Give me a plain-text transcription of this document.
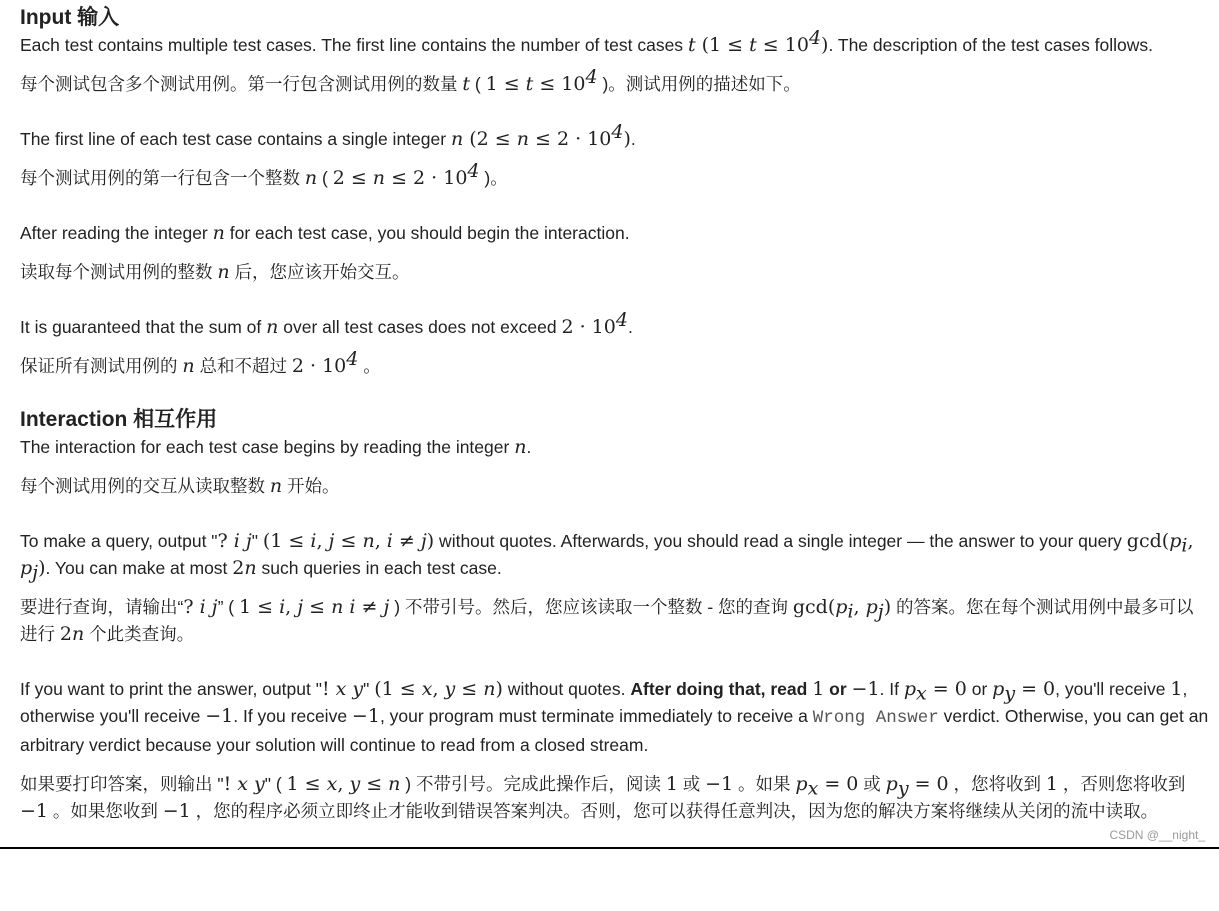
Input 输入

Each test contains multiple test cases. The first line contains the number of test cases t $(1 \le t \le 10^4)$. The description of the test cases follows.

每个测试包含多个测试用例。第一行包含测试用例的数量 t ( $1 \le t \le 10^4$ )。测试用例的描述如下。

The first line of each test case contains a single integer n $(2 \le n \le 2 \cdot 10^4)$.

每个测试用例的第一行包含一个整数 n ( $2 \le n \le 2 \cdot 10^4$ )。

After reading the integer n for each test case, you should begin the interaction.

读取每个测试用例的整数 n 后，您应该开始交互。

It is guaranteed that the sum of n over all test cases does not exceed $2 \cdot 10^4$.

保证所有测试用例的 n 总和不超过 $2 \cdot 10^4$ 。

Interaction 相互作用

The interaction for each test case begins by reading the integer n.

每个测试用例的交互从读取整数 n 开始。

To make a query, output "? i j" (1 ≤ i, j ≤ n, i ≠ j) without quotes. Afterwards, you should read a single integer — the answer to your query $\gcd(p_i$, $p_j$). You can make at most 2n such queries in each test case.

要进行查询，请输出“? i j” ( 1 ≤ i, j ≤ n i ≠ j ) 不带引号。然后，您应该读取一个整数 - 您的查询 $\gcd(p_i$, $p_j$) 的答案。您在每个测试用例中最多可以进行 2n 个此类查询。

If you want to print the answer, output "! x y" (1 ≤ x, y ≤ n) without quotes. After doing that, read 1 or −1. If $p_x = 0$ or $p_y = 0$, you'll receive 1, otherwise you'll receive −1. If you receive −1, your program must terminate immediately to receive a Wrong Answer verdict. Otherwise, you can get an arbitrary verdict because your solution will continue to read from a closed stream.

如果要打印答案，则输出 "! x y" ( 1 ≤ x, y ≤ n ) 不带引号。完成此操作后，阅读 1 或 −1 。如果 $p_x = 0$ 或 $p_y = 0$ ，您将收到 1 ，否则您将收到 −1 。如果您收到 −1 ，您的程序必须立即终止才能收到错误答案判决。否则，您可以获得任意判决，因为您的解决方案将继续从关闭的流中读取。

CSDN @__night_
